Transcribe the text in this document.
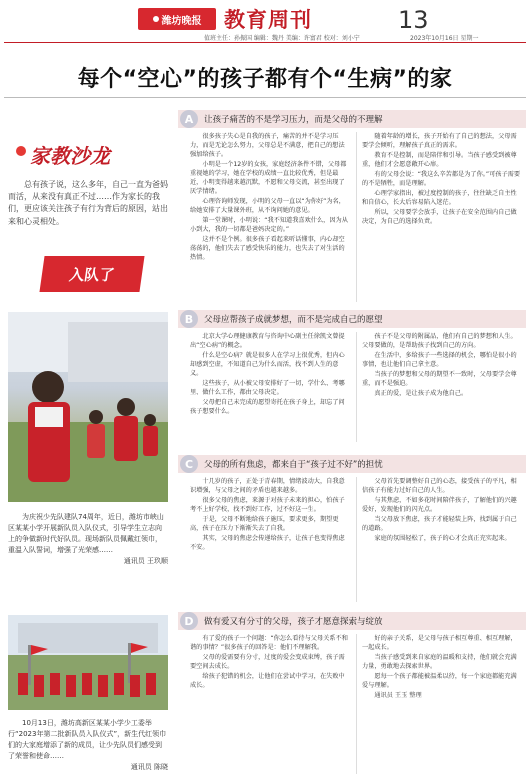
潍坊晚报 教育周刊	13
值班主任：孙振国 编辑：魏丹 美编：许富君 校对：刘小宁	2023年10月16日 星期一
每个“空心”的孩子都有个“生病”的家
家教沙龙

总有孩子说，这么多年，自己一直为爸妈而活，从来没有真正不过……作为家长的我们，更应该关注孩子有行为背后的原因，站出来和心灵相处。

入队了
为庆祝少先队建队74周年，近日，潍坊市峡山区某某小学开展新队员入队仪式，引导学生立志向上的争做新时代好队员。现场新队员佩戴红领巾，重温入队誓词，增强了光荣感……
通讯员 王玖顺
10月13日，潍坊高新区某某小学少工委举行“2023年第二批新队员入队仪式”，新生代红领巾们的大家庭增添了新的成员，让少先队员们感受到了荣誉和使命……
通讯员 陈晓
A	让孩子痛苦的不是学习压力，而是父母的不理解

很多孩子失心是自我的孩子，痛苦的并不是学习压力，而是无论怎么努力，父母总是不满意，把自己的想法强加给孩子。

小明是一个12岁的女孩，家庭经济条件不错，父母都重视她的学习，她在学校的成绩一直比较优秀，但是最近，小明变得越来越沉默，不愿和父母交流，甚至出现了厌学情绪。

心理咨询师发现，小明的父母一直以“为你好”为名，给她安排了大量课外班，从不询问她的意见。

第一堂课时，小明说：“我不知道我喜欢什么，因为从小到大，我的一切都是爸妈决定的。”

这并不是个例。很多孩子看起来听话懂事，内心却空荡荡的，他们失去了感受快乐的能力，也失去了对生活的热情。

随着年龄的增长，孩子开始有了自己的想法，父母需要学会倾听，理解孩子真正的需求。

教育不是控制，而是陪伴和引导。当孩子感受到被尊重，他们才会愿意敞开心扉。

有的父母会说：“我这么辛苦都是为了你。”可孩子需要的不是牺牲，而是理解。

心理学家指出，被过度控制的孩子，往往缺乏自主性和自信心，长大后容易陷入迷茫。

所以，父母要学会放手，让孩子在安全范围内自己做决定，为自己的选择负责。

B	父母应帮孩子成就梦想，而不是完成自己的愿望

北京大学心理健康教育与咨询中心副主任徐凯文曾提出“空心病”的概念。

什么是空心病？就是很多人在学习上很优秀，但内心却感到空虚，不知道自己为什么而活，找不到人生的意义。

这些孩子，从小被父母安排好了一切，学什么、考哪里、做什么工作，都由父母决定。

父母把自己未完成的愿望寄托在孩子身上，却忘了问孩子想要什么。

孩子不是父母的附属品，他们有自己的梦想和人生。父母要做的，是帮助孩子找到自己的方向。

在生活中，多给孩子一些选择的机会，哪怕是很小的事情，也让他们自己拿主意。

当孩子的梦想和父母的期望不一致时，父母要学会尊重，而不是强迫。

真正的爱，是让孩子成为他自己。

C	父母的所有焦虑，都来自于“孩子过不好”的担忧

十几岁的孩子，正处于青春期，情绪波动大，自我意识增强，与父母之间的矛盾也越来越多。

很多父母的焦虑，来源于对孩子未来的担心，怕孩子考不上好学校，找不到好工作，过不好这一生。

于是，父母不断地给孩子施压，要求更多，期望更高，孩子在压力下渐渐失去了自我。

其实，父母的焦虑会传递给孩子，让孩子也变得焦虑不安。

父母首先要调整好自己的心态，接受孩子的平凡，相信孩子有能力过好自己的人生。

与其焦虑，不如多花时间陪伴孩子，了解他们的兴趣爱好，发现他们的闪光点。

当父母放下焦虑，孩子才能轻装上阵，找到属于自己的道路。

家庭的氛围轻松了，孩子的心才会真正充实起来。

D	做有爱又有分寸的父母，孩子才愿意探索与绽放

有了爱的孩子一个问题：“你怎么看待与父母关系不和谐的事情？”很多孩子的回答是：他们不理解我。

父母的爱需要有分寸，过度的爱会变成束缚，孩子需要空间去成长。

给孩子犯错的机会，让他们在尝试中学习，在失败中成长。

好的亲子关系，是父母与孩子相互尊重、相互理解，一起成长。

当孩子感受到来自家庭的温暖和支持，他们就会充满力量，勇敢地去探索世界。

愿每一个孩子都能被温柔以待，每一个家庭都能充满爱与理解。

通讯员 王玉 整理
